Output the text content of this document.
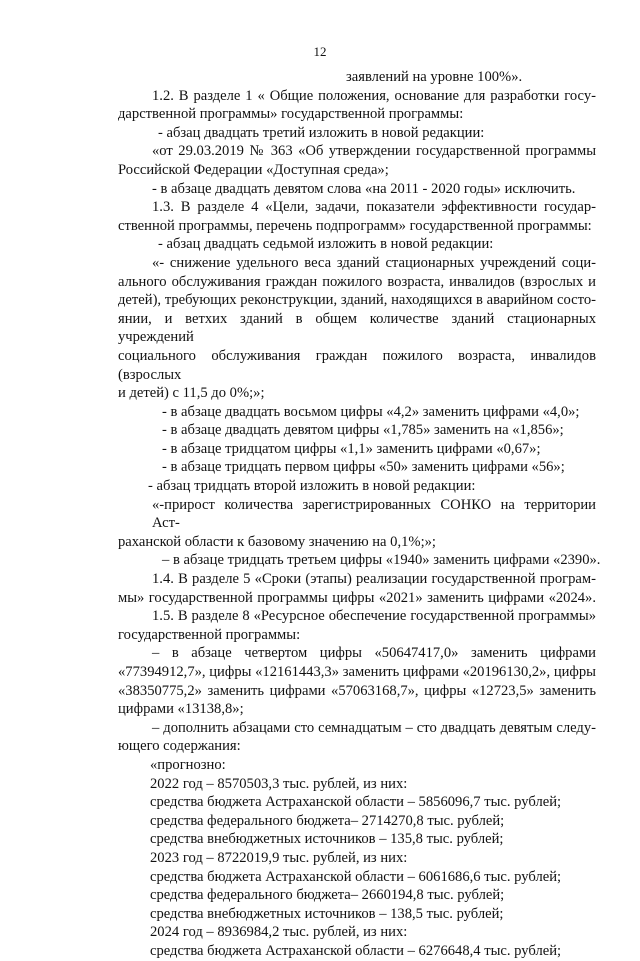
12
заявлений на уровне 100%».
1.2. В разделе 1 « Общие положения, основание для разработки госу-
дарственной программы» государственной программы:
- абзац двадцать третий изложить в новой редакции:
«от 29.03.2019 № 363 «Об утверждении государственной программы
Российской Федерации «Доступная среда»;
- в абзаце двадцать девятом слова «на 2011 - 2020 годы» исключить.
1.3. В разделе 4 «Цели, задачи, показатели эффективности государ-
ственной программы, перечень подпрограмм» государственной программы:
- абзац двадцать седьмой изложить в новой редакции:
«- снижение удельного веса зданий стационарных учреждений соци-
ального обслуживания граждан пожилого возраста, инвалидов (взрослых и
детей), требующих реконструкции, зданий, находящихся в аварийном состо-
янии, и ветхих зданий в общем количестве зданий стационарных учреждений
социального обслуживания граждан пожилого возраста, инвалидов (взрослых
и детей) с 11,5 до 0%;»;
- в абзаце двадцать восьмом цифры «4,2» заменить цифрами «4,0»;
- в абзаце двадцать девятом цифры «1,785» заменить на «1,856»;
- в абзаце тридцатом цифры «1,1» заменить цифрами «0,67»;
- в абзаце тридцать первом цифры «50» заменить цифрами «56»;
- абзац тридцать второй изложить в новой редакции:
«-прирост количества зарегистрированных СОНКО на территории Аст-
раханской области к базовому значению на 0,1%;»;
– в абзаце тридцать третьем цифры «1940» заменить цифрами «2390».
1.4. В разделе 5 «Сроки (этапы) реализации государственной програм-
мы» государственной программы цифры «2021» заменить цифрами «2024».
1.5. В разделе 8 «Ресурсное обеспечение государственной программы»
государственной программы:
– в абзаце четвертом цифры «50647417,0» заменить цифрами
«77394912,7», цифры «12161443,3» заменить цифрами «20196130,2», цифры
«38350775,2» заменить цифрами «57063168,7», цифры «12723,5» заменить
цифрами «13138,8»;
– дополнить абзацами сто семнадцатым – сто двадцать девятым следу-
ющего содержания:
«прогнозно:
2022 год – 8570503,3 тыс. рублей, из них:
средства бюджета Астраханской области – 5856096,7 тыс. рублей;
средства федерального бюджета– 2714270,8 тыс. рублей;
средства внебюджетных источников – 135,8 тыс. рублей;
2023 год – 8722019,9 тыс. рублей, из них:
средства бюджета Астраханской области – 6061686,6 тыс. рублей;
средства федерального бюджета– 2660194,8 тыс. рублей;
средства внебюджетных источников – 138,5 тыс. рублей;
2024 год – 8936984,2 тыс. рублей, из них:
средства бюджета Астраханской области – 6276648,4 тыс. рублей;
